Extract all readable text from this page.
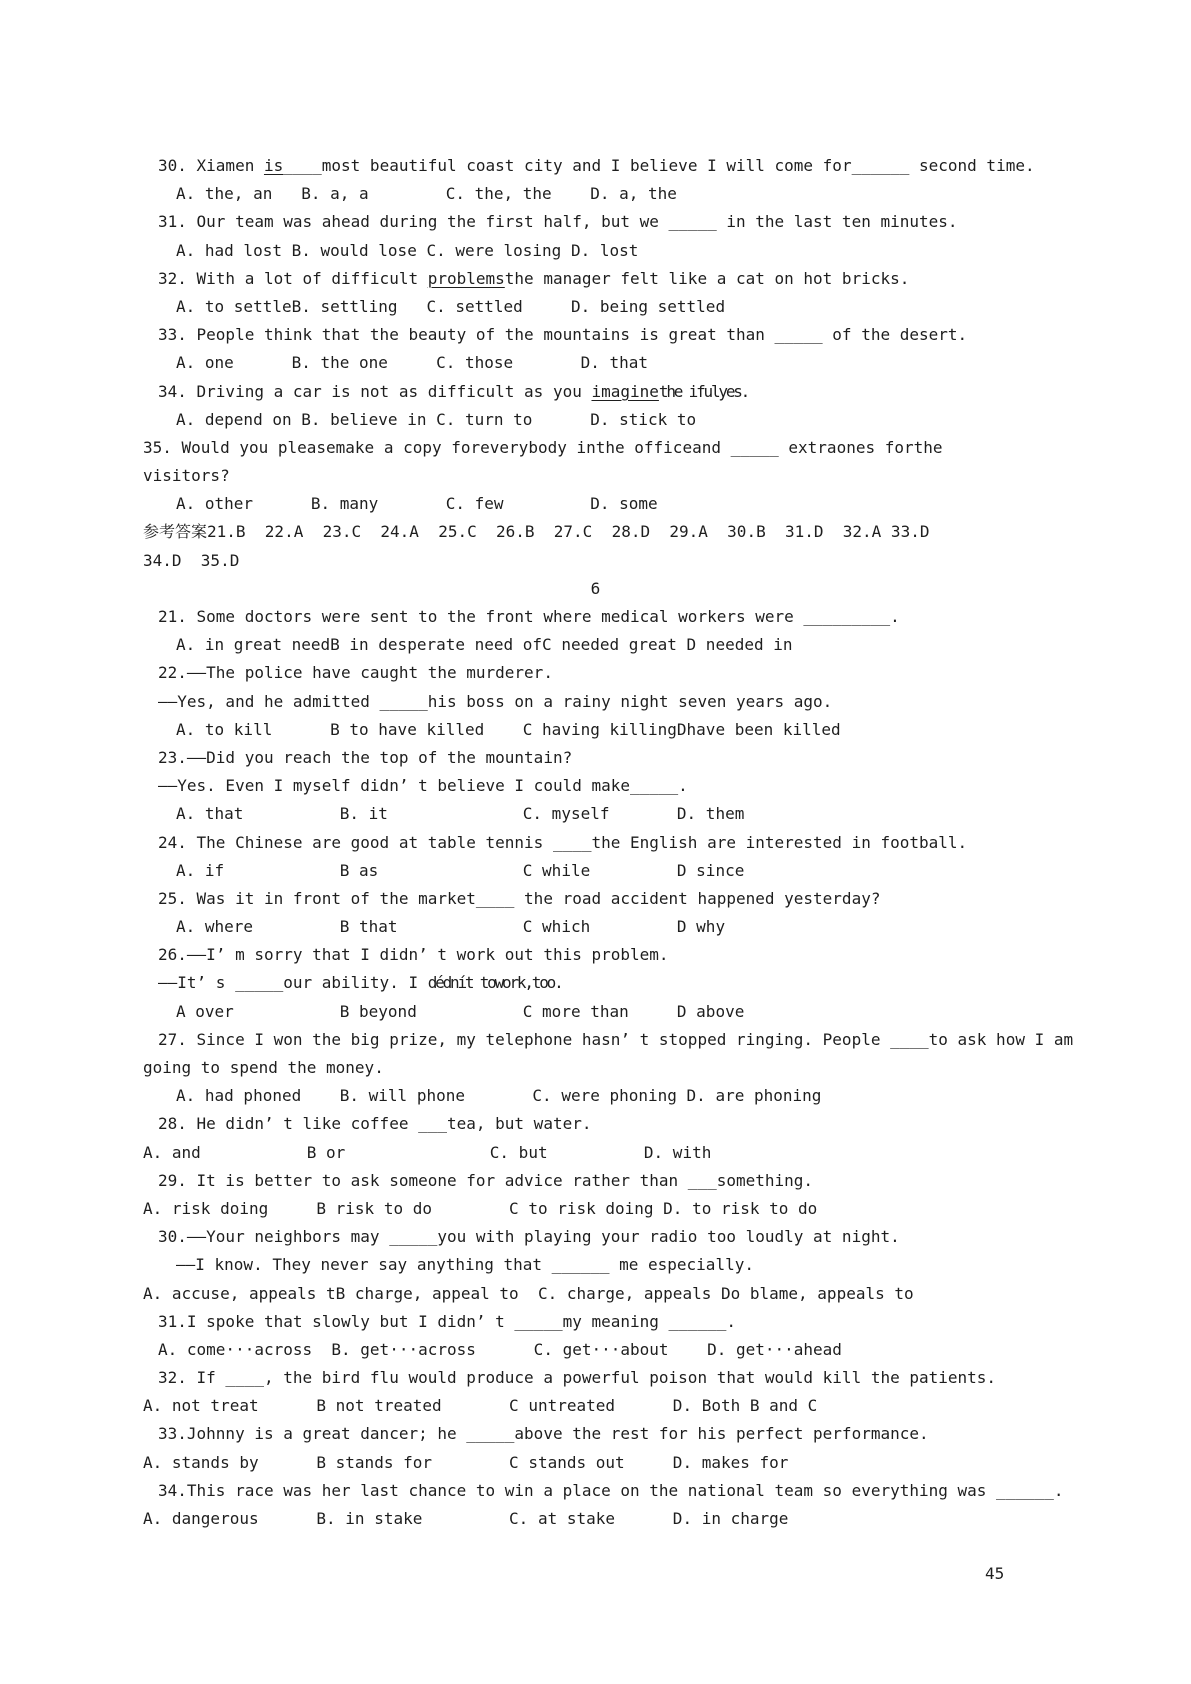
30. Xiamen is____most beautiful coast city and I believe I will come for______ second time.
A. the, an   B. a, a        C. the, the    D. a, the
31. Our team was ahead during the first half, but we _____ in the last ten minutes.
A. had lost B. would lose C. were losing D. lost
32. With a lot of difficult problemsthe manager felt like a cat on hot bricks.
A. to settleB. settling   C. settled     D. being settled
33. People think that the beauty of the mountains is great than _____ of the desert.
A. one      B. the one     C. those       D. that
34. Driving a car is not as difficult as you imaginethe ifulyes.
A. depend on B. believe in C. turn to      D. stick to
35. Would you pleasemake a copy foreverybody inthe officeand _____ extraones forthe
visitors?
A. other      B. many       C. few         D. some
参考答案21.B  22.A  23.C  24.A  25.C  26.B  27.C  28.D  29.A  30.B  31.D  32.A 33.D
34.D  35.D
6
21. Some doctors were sent to the front where medical workers were _________.
A. in great needB in desperate need ofC needed great D needed in
22.——The police have caught the murderer.
——Yes, and he admitted _____his boss on a rainy night seven years ago.
A. to kill      B to have killed    C having killingDhave been killed
23.——Did you reach the top of the mountain?
——Yes. Even I myself didn’ t believe I could make_____.
A. that          B. it              C. myself       D. them
24. The Chinese are good at table tennis ____the English are interested in football.
A. if            B as               C while         D since
25. Was it in front of the market____ the road accident happened yesterday?
A. where         B that             C which         D why
26.——I’ m sorry that I didn’ t work out this problem.
——It’ s _____our ability. I dédnít towork,too.
A over           B beyond           C more than     D above
27. Since I won the big prize, my telephone hasn’ t stopped ringing. People ____to ask how I am
going to spend the money.
A. had phoned    B. will phone       C. were phoning D. are phoning
28. He didn’ t like coffee ___tea, but water.
A. and           B or               C. but          D. with
29. It is better to ask someone for advice rather than ___something.
A. risk doing     B risk to do        C to risk doing D. to risk to do
30.——Your neighbors may _____you with playing your radio too loudly at night.
——I know. They never say anything that ______ me especially.
A. accuse, appeals tB charge, appeal to  C. charge, appeals Do blame, appeals to
31.I spoke that slowly but I didn’ t _____my meaning ______.
A. come···across  B. get···across      C. get···about    D. get···ahead
32. If ____, the bird flu would produce a powerful poison that would kill the patients.
A. not treat      B not treated       C untreated      D. Both B and C
33.Johnny is a great dancer; he _____above the rest for his perfect performance.
A. stands by      B stands for        C stands out     D. makes for
34.This race was her last chance to win a place on the national team so everything was ______.
A. dangerous      B. in stake         C. at stake      D. in charge
45
